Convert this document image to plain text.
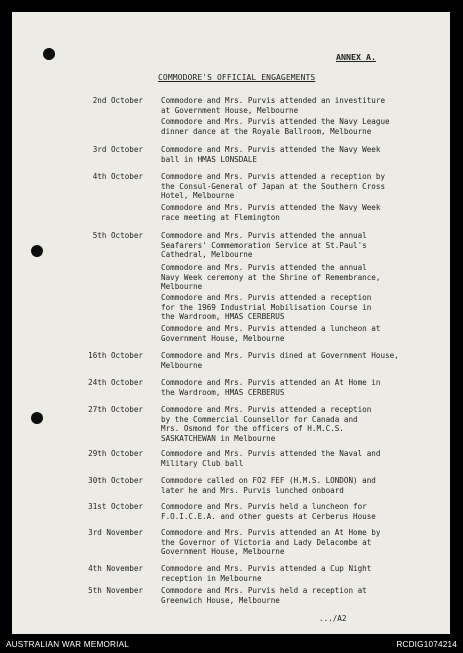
ANNEX A.
COMMODORE'S OFFICIAL ENGAGEMENTS
2nd October Commodore and Mrs. Purvis attended an investiture
at Government House, Melbourne
Commodore and Mrs. Purvis attended the Navy League
dinner dance at the Royale Ballroom, Melbourne
3rd October Commodore and Mrs. Purvis attended the Navy Week
ball in HMAS LONSDALE
4th October Commodore and Mrs. Purvis attended a reception by
the Consul-General of Japan at the Southern Cross
Hotel, Melbourne
Commodore and Mrs. Purvis attended the Navy Week
race meeting at Flemington
5th October Commodore and Mrs. Purvis attended the annual
Seafarers' Commemoration Service at St.Paul's
Cathedral, Melbourne
Commodore and Mrs. Purvis attended the annual
Navy Week ceremony at the Shrine of Remembrance,
Melbourne
Commodore and Mrs. Purvis attended a reception
for the 1969 Industrial Mobilisation Course in
the Wardroom, HMAS CERBERUS
Commodore and Mrs. Purvis attended a luncheon at
Government House, Melbourne
16th October Commodore and Mrs. Purvis dined at Government House,
Melbourne
24th October Commodore and Mrs. Purvis attended an At Home in
the Wardroom, HMAS CERBERUS
27th October Commodore and Mrs. Purvis attended a reception
by the Commercial Counsellor for Canada and
Mrs. Osmond for the officers of H.M.C.S.
SASKATCHEWAN in Melbourne
29th October Commodore and Mrs. Purvis attended the Naval and
Military Club ball
30th October Commodore called on FO2 FEF (H.M.S. LONDON) and
later he and Mrs. Purvis lunched onboard
31st October Commodore and Mrs. Purvis held a luncheon for
F.O.I.C.E.A. and other guests at Cerberus House
3rd November Commodore and Mrs. Purvis attended an At Home by
the Governor of Victoria and Lady Delacombe at
Government House, Melbourne
4th November Commodore and Mrs. Purvis attended a Cup Night
reception in Melbourne
5th November Commodore and Mrs. Purvis held a reception at
Greenwich House, Melbourne
.../A2
AUSTRALIAN WAR MEMORIAL	RCDIG1074214
